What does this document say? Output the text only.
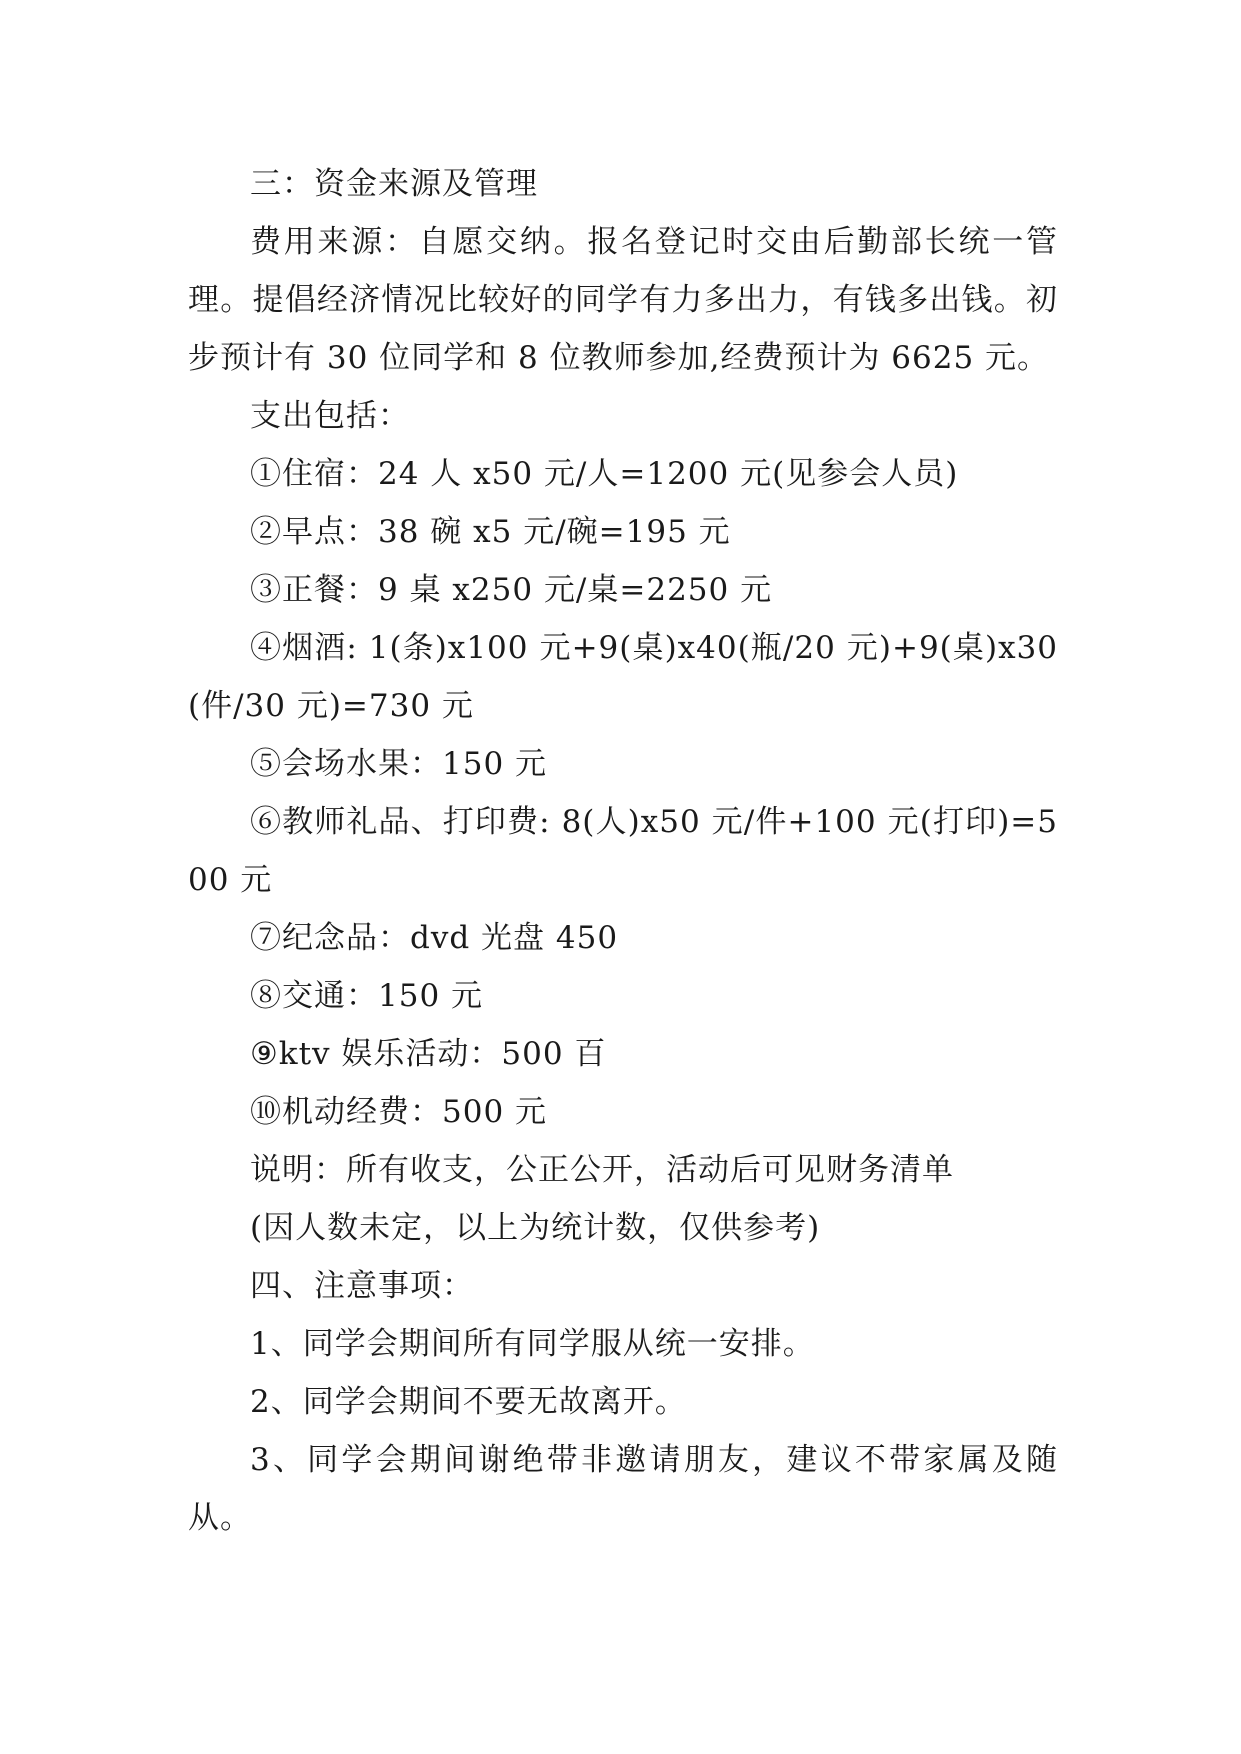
三：资金来源及管理

费用来源：自愿交纳。报名登记时交由后勤部长统一管理。提倡经济情况比较好的同学有力多出力，有钱多出钱。初步预计有 30 位同学和 8 位教师参加,经费预计为 6625 元。

支出包括：

①住宿：24 人 x50 元/人=1200 元(见参会人员)

②早点：38 碗 x5 元/碗=195 元

③正餐：9 桌 x250 元/桌=2250 元

④烟酒: 1(条)x100 元+9(桌)x40(瓶/20 元)+9(桌)x30(件/30 元)=730 元

⑤会场水果：150 元

⑥教师礼品、打印费: 8(人)x50 元/件+100 元(打印)=500 元

⑦纪念品：dvd 光盘 450

⑧交通：150 元

⑨ktv 娱乐活动：500 百

⑩机动经费：500 元

说明：所有收支，公正公开，活动后可见财务清单

(因人数未定，以上为统计数，仅供参考)

四、注意事项：

1、同学会期间所有同学服从统一安排。

2、同学会期间不要无故离开。

3、同学会期间谢绝带非邀请朋友，建议不带家属及随从。
